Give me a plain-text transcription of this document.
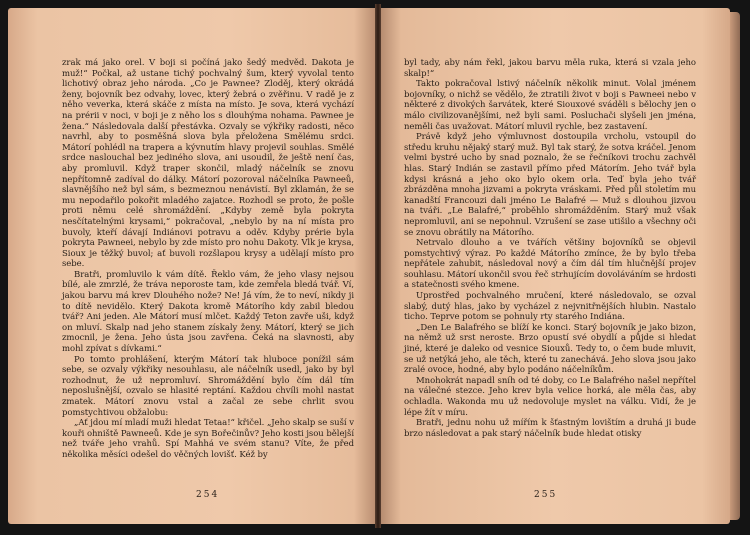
zrak má jako orel. V boji si počíná jako šedý medvěd. Dakota je muž!“ Počkal, až ustane tichý pochvalný šum, který vyvolal tento lichotivý obraz jeho národa. „Co je Pawnee? Zloděj, který okrádá ženy, bojovník bez odvahy, lovec, který žebrá o zvěřinu. V radě je z něho veverka, která skáče z místa na místo. Je sova, která vychází na prérii v noci, v boji je z něho los s dlouhýma nohama. Pawnee je žena.“ Následovala další přestávka. Ozvaly se výkřiky radosti, něco navrhl, aby to posměšná slova byla přeložena Smělému srdci. Mátorí pohlédl na trapera a kývnutím hlavy projevil souhlas. Smělé srdce naslouchal bez jediného slova, ani usoudil, že ještě není čas, aby promluvil. Když traper skončil, mladý náčelník se znovu nepřítomně zadíval do dálky. Mátorí pozoroval náčelníka Pawneeů, slavnějšího než byl sám, s bezmeznou nenávistí. Byl zklamán, že se mu nepodařilo pokořit mladého zajatce. Rozhodl se proto, že pošle proti němu celé shromáždění. „Kdyby země byla pokryta nesčítatelnými krysami,“ pokračoval, „nebylo by na ní místa pro buvoly, kteří dávají Indiánovi potravu a oděv. Kdyby prérie byla pokryta Pawneei, nebylo by zde místo pro nohu Dakoty. Vlk je krysa, Sioux je těžký buvol; ať buvoli rozšlapou krysy a udělají místo pro sebe.

Bratři, promluvilo k vám dítě. Řeklo vám, že jeho vlasy nejsou bílé, ale zmrzlé, že tráva neporoste tam, kde zemřela bledá tvář. Ví, jakou barvu má krev Dlouhého nože? Ne! Já vím, že to neví, nikdy ji to dítě nevidělo. Který Dakota kromě Mátorího kdy zabil bledou tvář? Ani jeden. Ale Mátorí musí mlčet. Každý Teton zavře uši, když on mluví. Skalp nad jeho stanem získaly ženy. Mátorí, který se jich zmocnil, je žena. Jeho ústa jsou zavřena. Čeká na slavnosti, aby mohl zpívat s dívkami.“

Po tomto prohlášení, kterým Mátorí tak hluboce ponížil sám sebe, se ozvaly výkřiky nesouhlasu, ale náčelník usedl, jako by byl rozhodnut, že už nepromluví. Shromáždění bylo čím dál tím neposlušnější, ozvalo se hlasité reptání. Každou chvíli mohl nastat zmatek. Mátorí znovu vstal a začal ze sebe chrlit svou pomstychtivou obžalobu:

„Ať jdou mí mladí muži hledat Tetaa!“ křičel. „Jeho skalp se suší v kouři ohniště Pawneeů. Kde je syn Bořečinův? Jeho kosti jsou bělejší než tváře jeho vrahů. Spí Mahhá ve svém stanu? Víte, že před několika měsíci odešel do věčných lovišť. Kéž by

254

byl tady, aby nám řekl, jakou barvu měla ruka, která si vzala jeho skalp!“

Takto pokračoval lstivý náčelník několik minut. Volal jménem bojovníky, o nichž se vědělo, že ztratili život v boji s Pawneei nebo v některé z divokých šarvátek, které Siouxové sváděli s bělochy jen o málo civilizovanějšími, než byli sami. Posluchači slyšeli jen jména, neměli čas uvažovat. Mátorí mluvil rychle, bez zastavení.

Právě když jeho výmluvnost dostoupila vrcholu, vstoupil do středu kruhu nějaký starý muž. Byl tak starý, že sotva kráčel. Jenom velmi bystré ucho by snad poznalo, že se řečníkovi trochu zachvěl hlas. Starý Indián se zastavil přímo před Mátorím. Jeho tvář byla kdysi krásná a jeho oko bylo okem orla. Teď byla jeho tvář zbrázděna mnoha jizvami a pokryta vráskami. Před půl stoletím mu kanadští Francouzi dali jméno Le Balafré — Muž s dlouhou jizvou na tváři. „Le Balafré,“ proběhlo shromážděním. Starý muž však nepromluvil, ani se nepohnul. Vzrušení se zase utišilo a všechny oči se znovu obrátily na Mátorího.

Netrvalo dlouho a ve tvářích většiny bojovníků se objevil pomstychtivý výraz. Po každé Mátorího zmínce, že by bylo třeba nepřátele zahubit, následoval nový a čím dál tím hlučnější projev souhlasu. Mátorí ukončil svou řeč strhujícím dovoláváním se hrdosti a statečnosti svého kmene.

Uprostřed pochvalného mručení, které následovalo, se ozval slabý, dutý hlas, jako by vycházel z nejvnitřnějších hlubin. Nastalo ticho. Teprve potom se pohnuly rty starého Indiána.

„Den Le Balafrého se blíží ke konci. Starý bojovník je jako bizon, na němž už srst neroste. Brzo opustí své obydlí a půjde si hledat jiné, které je daleko od vesnice Siouxů. Tedy to, o čem bude mluvit, se už netýká jeho, ale těch, které tu zanechává. Jeho slova jsou jako zralé ovoce, hodné, aby bylo podáno náčelníkům.

Mnohokrát napadl sníh od té doby, co Le Balafrého našel nepřítel na válečné stezce. Jeho krev byla velice horká, ale měla čas, aby ochladla. Wakonda mu už nedovoluje myslet na válku. Vidí, že je lépe žít v míru.

Bratři, jednu nohu už mířím k šťastným lovištím a druhá ji bude brzo následovat a pak starý náčelník bude hledat otisky

255
